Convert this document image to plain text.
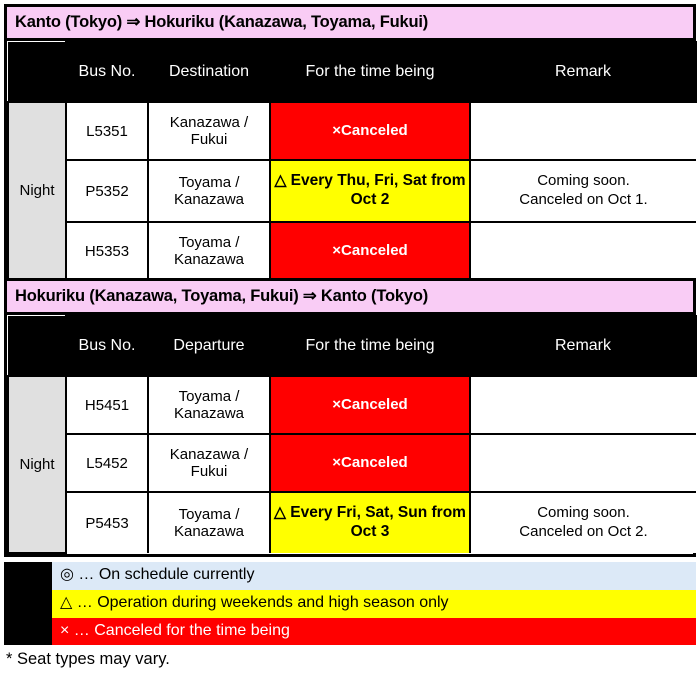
Kanto (Tokyo) ⇒ Hokuriku (Kanazawa, Toyama, Fukui)
	Bus No.	Destination	For the time being	Remark
Night	L5351	Kanazawa / Fukui	×Canceled	

	P5352	Toyama / Kanazawa	△ Every Thu, Fri, Sat from Oct 2	Coming soon.
Canceled on Oct 1.

	H5353	Toyama / Kanazawa	×Canceled	
Hokuriku (Kanazawa, Toyama, Fukui) ⇒ Kanto (Tokyo)
	Bus No.	Departure	For the time being	Remark
Night	H5451	Toyama / Kanazawa	×Canceled	

	L5452	Kanazawa / Fukui	×Canceled	

	P5453	Toyama / Kanazawa	△ Every Fri, Sat, Sun from Oct 3	Coming soon.
Canceled on Oct 2.
◎ … On schedule currently
△ … Operation during weekends and high season only
× … Canceled for the time being
* Seat types may vary.
